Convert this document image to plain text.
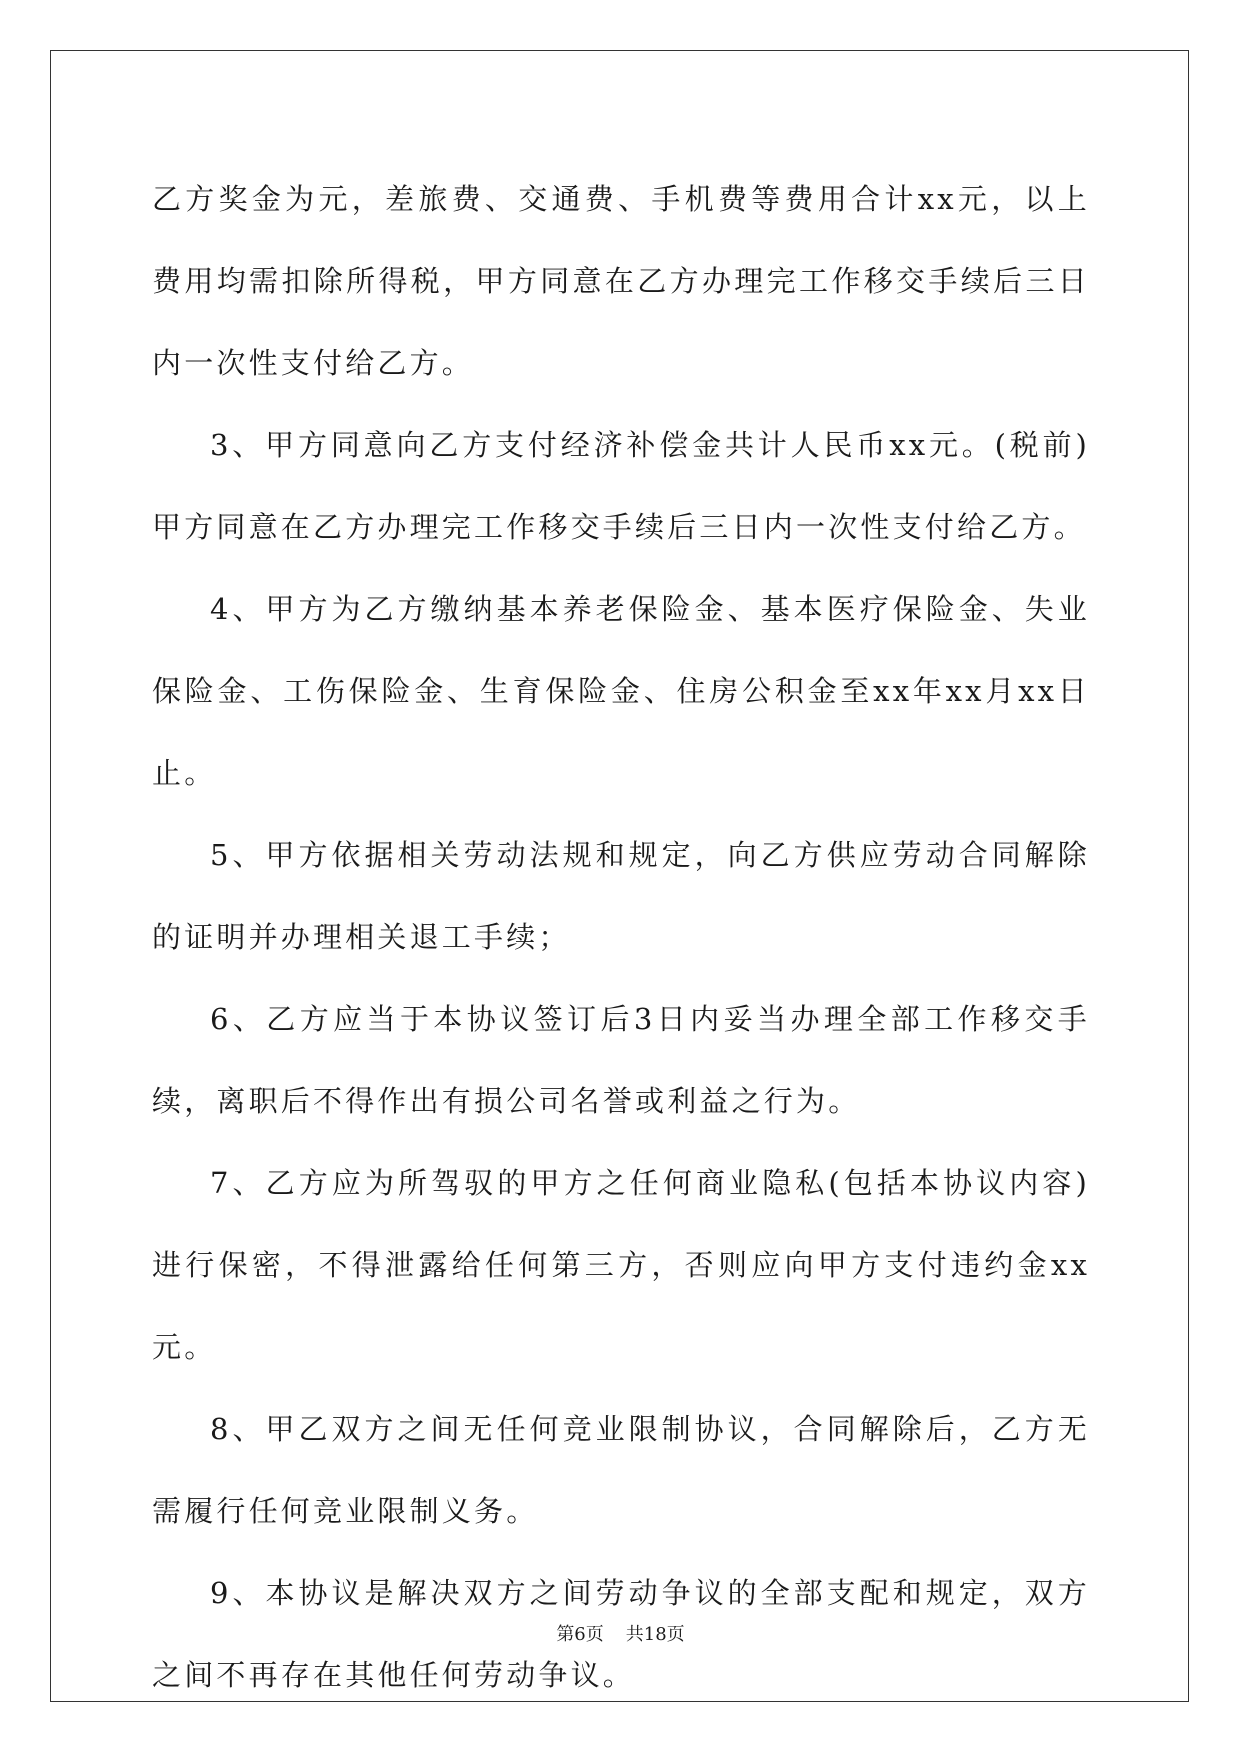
乙方奖金为元，差旅费、交通费、手机费等费用合计xx元，以上费用均需扣除所得税，甲方同意在乙方办理完工作移交手续后三日内一次性支付给乙方。

3、甲方同意向乙方支付经济补偿金共计人民币xx元。(税前)甲方同意在乙方办理完工作移交手续后三日内一次性支付给乙方。

4、甲方为乙方缴纳基本养老保险金、基本医疗保险金、失业保险金、工伤保险金、生育保险金、住房公积金至xx年xx月xx日止。

5、甲方依据相关劳动法规和规定，向乙方供应劳动合同解除的证明并办理相关退工手续；

6、乙方应当于本协议签订后3日内妥当办理全部工作移交手续，离职后不得作出有损公司名誉或利益之行为。

7、乙方应为所驾驭的甲方之任何商业隐私(包括本协议内容)进行保密，不得泄露给任何第三方，否则应向甲方支付违约金xx元。

8、甲乙双方之间无任何竞业限制协议，合同解除后，乙方无需履行任何竞业限制义务。

9、本协议是解决双方之间劳动争议的全部支配和规定，双方之间不再存在其他任何劳动争议。

第6页 共18页
